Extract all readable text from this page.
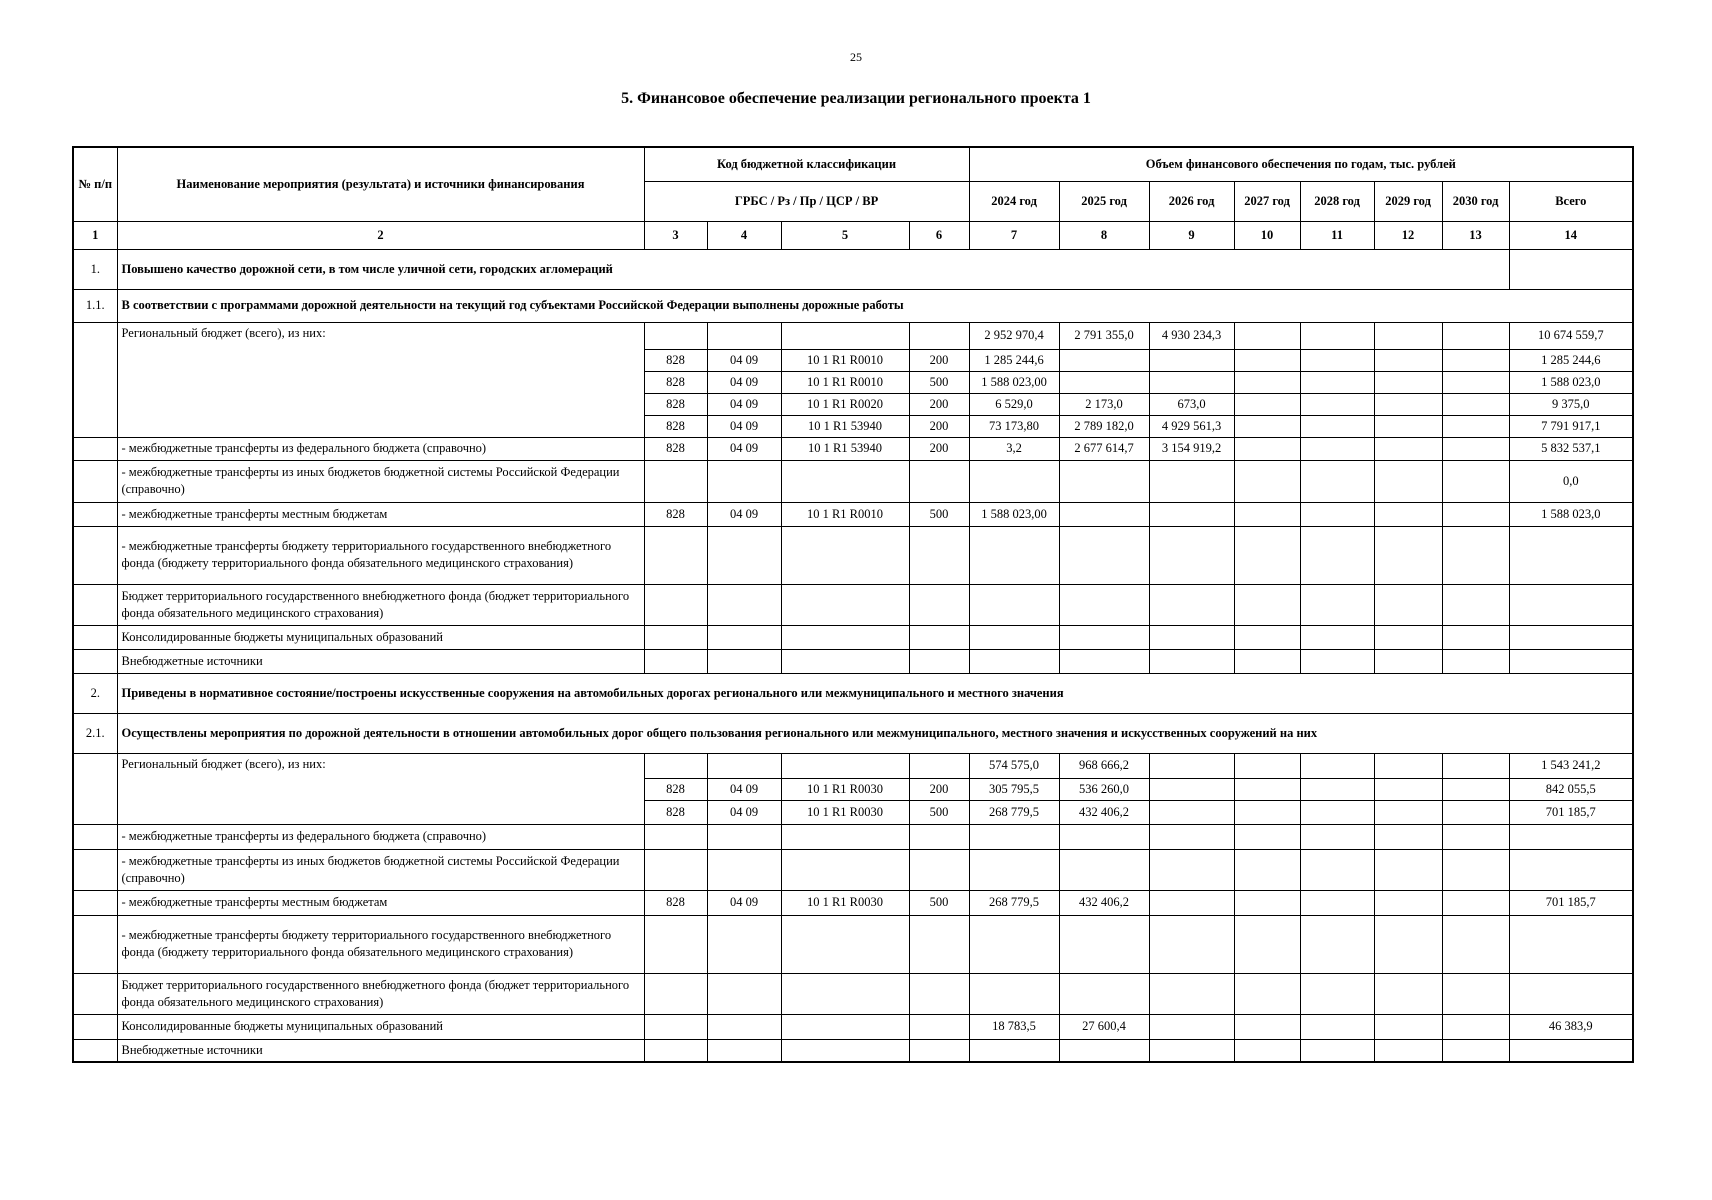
25
5. Финансовое обеспечение реализации регионального проекта 1
№ п/п	Наименование мероприятия (результата) и источники финансирования	Код бюджетной классификации				Объем финансового обеспечения по годам, тыс. рублей							
		ГРБС / Рз / Пр / ЦСР / ВР				2024 год	2025 год	2026 год	2027 год	2028 год	2029 год	2030 год	Всего
1	2	3	4	5	6	7	8	9	10	11	12	13	14
1.	Повышено качество дорожной сети, в том числе уличной сети, городских агломераций												
1.1.	В соответствии с программами дорожной деятельности на текущий год субъектами Российской Федерации выполнены дорожные работы												
	Региональный бюджет (всего), из них:					2 952 970,4	2 791 355,0	4 930 234,3					10 674 559,7
		828	04 09	10 1 R1 R0010	200	1 285 244,6							1 285 244,6
		828	04 09	10 1 R1 R0010	500	1 588 023,00							1 588 023,0
		828	04 09	10 1 R1 R0020	200	6 529,0	2 173,0	673,0					9 375,0
		828	04 09	10 1 R1 53940	200	73 173,80	2 789 182,0	4 929 561,3					7 791 917,1
	- межбюджетные трансферты из федерального бюджета (справочно)	828	04 09	10 1 R1 53940	200	3,2	2 677 614,7	3 154 919,2					5 832 537,1
	- межбюджетные трансферты из иных бюджетов бюджетной системы Российской Федерации (справочно)												0,0
	- межбюджетные трансферты местным бюджетам	828	04 09	10 1 R1 R0010	500	1 588 023,00							1 588 023,0
	- межбюджетные трансферты бюджету территориального государственного внебюджетного фонда (бюджету территориального фонда обязательного медицинского страхования)												
	Бюджет территориального государственного внебюджетного фонда (бюджет территориального фонда обязательного медицинского страхования)												
	Консолидированные бюджеты муниципальных образований												
	Внебюджетные источники												
2.	Приведены в нормативное состояние/построены искусственные сооружения на автомобильных дорогах регионального или межмуниципального и местного значения												
2.1.	Осуществлены мероприятия по дорожной деятельности в отношении автомобильных дорог общего пользования регионального или межмуниципального, местного значения и искусственных сооружений на них												
	Региональный бюджет (всего), из них:					574 575,0	968 666,2						1 543 241,2
		828	04 09	10 1 R1 R0030	200	305 795,5	536 260,0						842 055,5
		828	04 09	10 1 R1 R0030	500	268 779,5	432 406,2						701 185,7
	- межбюджетные трансферты из федерального бюджета (справочно)												
	- межбюджетные трансферты из иных бюджетов бюджетной системы Российской Федерации (справочно)												
	- межбюджетные трансферты местным бюджетам	828	04 09	10 1 R1 R0030	500	268 779,5	432 406,2						701 185,7
	- межбюджетные трансферты бюджету территориального государственного внебюджетного фонда (бюджету территориального фонда обязательного медицинского страхования)												
	Бюджет территориального государственного внебюджетного фонда (бюджет территориального фонда обязательного медицинского страхования)												
	Консолидированные бюджеты муниципальных образований					18 783,5	27 600,4						46 383,9
	Внебюджетные источники												
